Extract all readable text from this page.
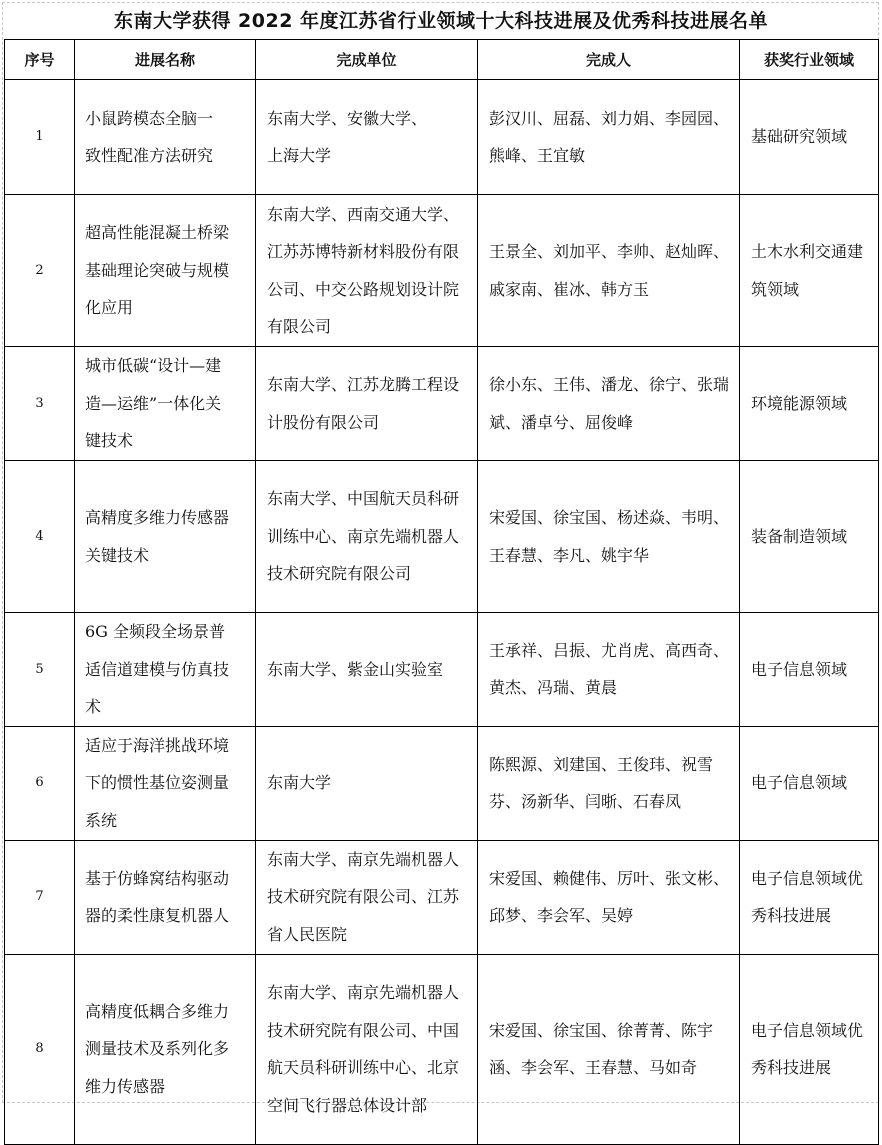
东南大学获得 2022 年度江苏省行业领域十大科技进展及优秀科技进展名单
序号	进展名称	完成单位	完成人	获奖行业领域
1	小鼠跨模态全脑一致性配准方法研究	东南大学、安徽大学、上海大学	彭汉川、屈磊、刘力娟、李园园、熊峰、王宜敏	基础研究领域

2	超高性能混凝土桥梁基础理论突破与规模化应用	东南大学、西南交通大学、江苏苏博特新材料股份有限公司、中交公路规划设计院有限公司	王景全、刘加平、李帅、赵灿晖、戚家南、崔冰、韩方玉	土木水利交通建筑领域

3	城市低碳“设计—建造—运维”一体化关键技术	东南大学、江苏龙腾工程设计股份有限公司	徐小东、王伟、潘龙、徐宁、张瑞斌、潘卓兮、屈俊峰	环境能源领域

4	高精度多维力传感器关键技术	东南大学、中国航天员科研训练中心、南京先端机器人技术研究院有限公司	宋爱国、徐宝国、杨述焱、韦明、王春慧、李凡、姚宇华	装备制造领域

5	6G 全频段全场景普适信道建模与仿真技术	东南大学、紫金山实验室	王承祥、吕振、尤肖虎、高西奇、黄杰、冯瑞、黄晨	电子信息领域

6	适应于海洋挑战环境下的惯性基位姿测量系统	东南大学	陈熙源、刘建国、王俊玮、祝雪芬、汤新华、闫晣、石春凤	电子信息领域

7	基于仿蜂窝结构驱动器的柔性康复机器人	东南大学、南京先端机器人技术研究院有限公司、江苏省人民医院	宋爱国、赖健伟、厉叶、张文彬、邱梦、李会军、吴婷	电子信息领域优秀科技进展

8	高精度低耦合多维力测量技术及系列化多维力传感器	东南大学、南京先端机器人技术研究院有限公司、中国航天员科研训练中心、北京空间飞行器总体设计部	宋爱国、徐宝国、徐菁菁、陈宇涵、李会军、王春慧、马如奇	电子信息领域优秀科技进展
